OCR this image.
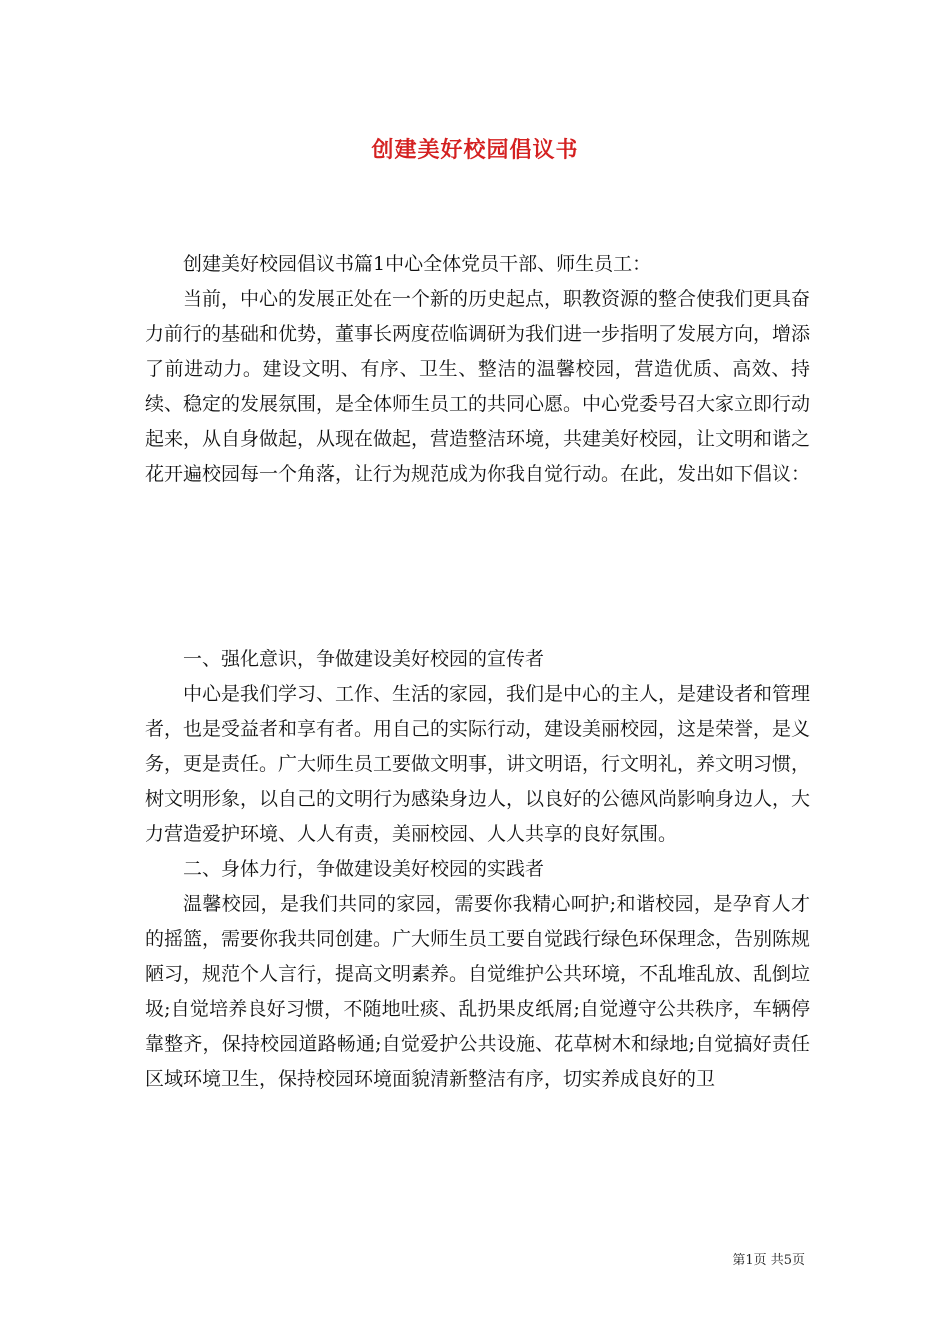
创建美好校园倡议书

创建美好校园倡议书篇1中心全体党员干部、师生员工：

当前，中心的发展正处在一个新的历史起点，职教资源的整合使我们更具奋力前行的基础和优势，董事长两度莅临调研为我们进一步指明了发展方向，增添了前进动力。建设文明、有序、卫生、整洁的温馨校园，营造优质、高效、持续、稳定的发展氛围，是全体师生员工的共同心愿。中心党委号召大家立即行动起来，从自身做起，从现在做起，营造整洁环境，共建美好校园，让文明和谐之花开遍校园每一个角落，让行为规范成为你我自觉行动。在此，发出如下倡议：

一、强化意识，争做建设美好校园的宣传者

中心是我们学习、工作、生活的家园，我们是中心的主人，是建设者和管理者，也是受益者和享有者。用自己的实际行动，建设美丽校园，这是荣誉，是义务，更是责任。广大师生员工要做文明事，讲文明语，行文明礼，养文明习惯，树文明形象，以自己的文明行为感染身边人，以良好的公德风尚影响身边人，大力营造爱护环境、人人有责，美丽校园、人人共享的良好氛围。

二、身体力行，争做建设美好校园的实践者

温馨校园，是我们共同的家园，需要你我精心呵护;和谐校园，是孕育人才的摇篮，需要你我共同创建。广大师生员工要自觉践行绿色环保理念，告别陈规陋习，规范个人言行，提高文明素养。自觉维护公共环境，不乱堆乱放、乱倒垃圾;自觉培养良好习惯，不随地吐痰、乱扔果皮纸屑;自觉遵守公共秩序，车辆停靠整齐，保持校园道路畅通;自觉爱护公共设施、花草树木和绿地;自觉搞好责任区域环境卫生，保持校园环境面貌清新整洁有序，切实养成良好的卫

第1页 共5页
